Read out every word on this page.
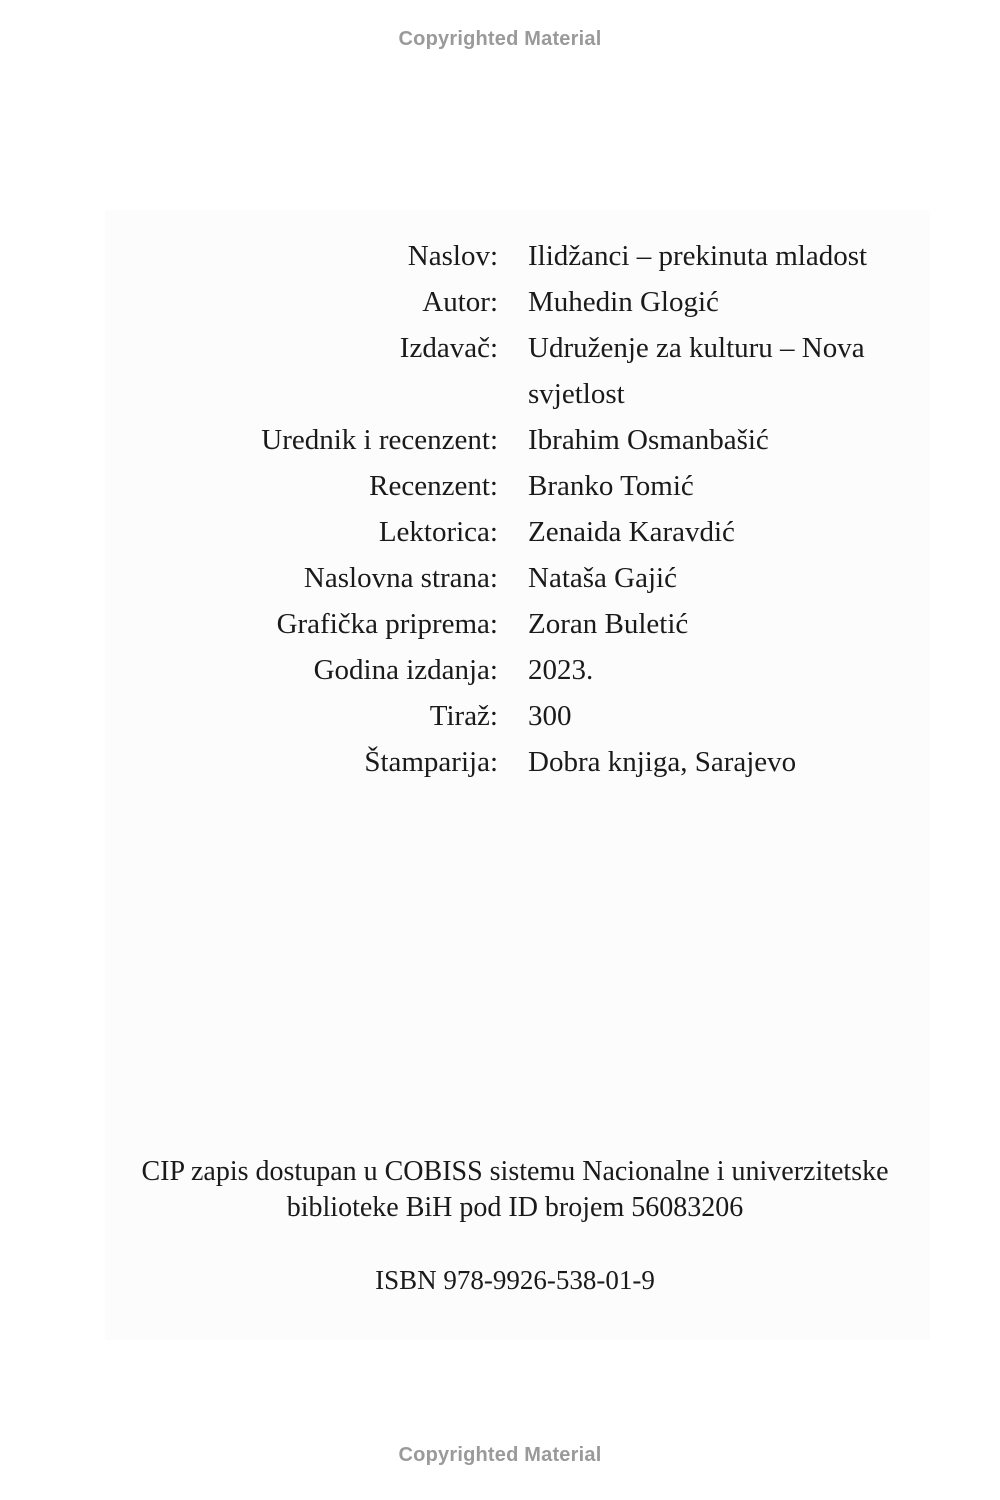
Copyrighted Material
Naslov: Ilidžanci – prekinuta mladost
Autor: Muhedin Glogić
Izdavač: Udruženje za kulturu – Nova svjetlost
Urednik i recenzent: Ibrahim Osmanbašić
Recenzent: Branko Tomić
Lektorica: Zenaida Karavdić
Naslovna strana: Nataša Gajić
Grafička priprema: Zoran Buletić
Godina izdanja: 2023.
Tiraž: 300
Štamparija: Dobra knjiga, Sarajevo
CIP zapis dostupan u COBISS sistemu Nacionalne i univerzitetske
biblioteke BiH pod ID brojem 56083206
ISBN 978-9926-538-01-9
Copyrighted Material
